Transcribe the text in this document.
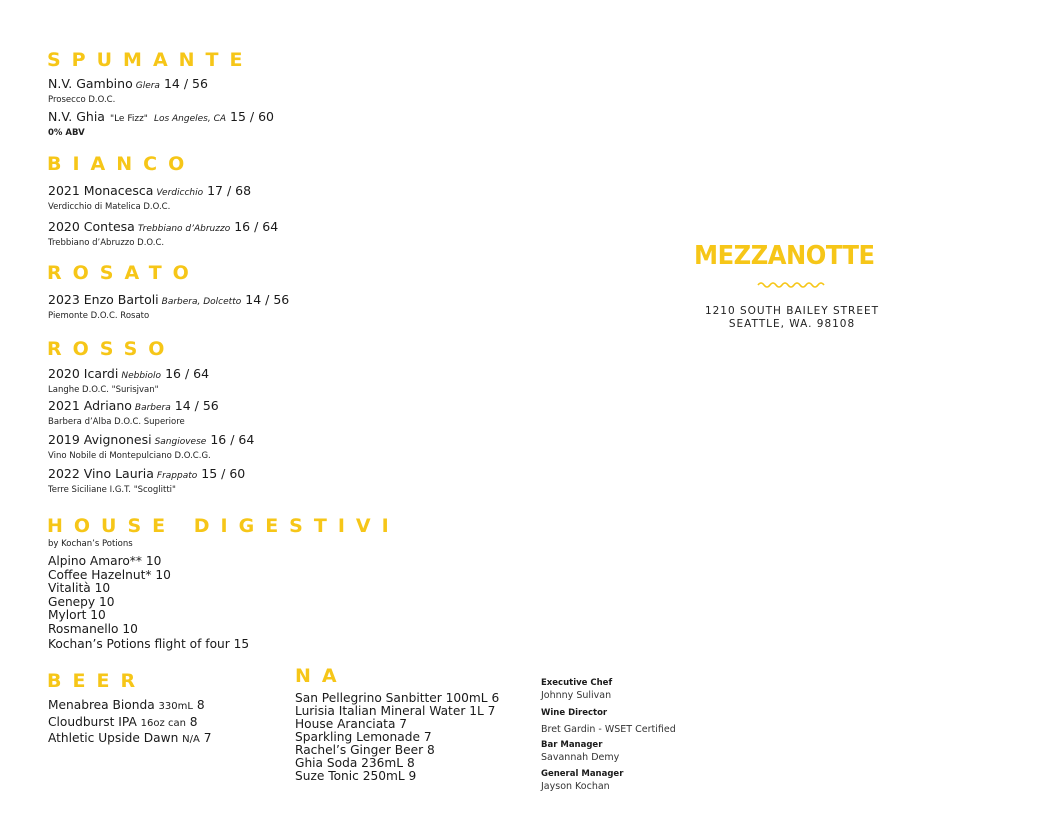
SPUMANTE
BIANCO
ROSATO
ROSSO
HOUSE DIGESTIVI
BEER	NA
N.V. Gambino Glera 14 / 56
Prosecco D.O.C.
N.V. Ghia "Le Fizz" Los Angeles, CA 15 / 60
0% ABV
2021 Monacesca Verdicchio 17 / 68
Verdicchio di Matelica D.O.C.
2020 Contesa Trebbiano d’Abruzzo 16 / 64
Trebbiano d’Abruzzo D.O.C.
2023 Enzo Bartoli Barbera, Dolcetto 14 / 56
Piemonte D.O.C. Rosato
2020 Icardi Nebbiolo 16 / 64
Langhe D.O.C. "Surisjvan"
2021 Adriano Barbera 14 / 56
Barbera d’Alba D.O.C. Superiore
2019 Avignonesi Sangiovese 16 / 64
Vino Nobile di Montepulciano D.O.C.G.
2022 Vino Lauria Frappato 15 / 60
Terre Siciliane I.G.T. "Scoglitti"
by Kochan’s Potions
Alpino Amaro** 10
Coffee Hazelnut* 10
Vitalità 10
Genepy 10
Mylort 10
Rosmanello 10
Kochan’s Potions flight of four 15
Menabrea Bionda 330mL 8
Cloudburst IPA 16oz can 8
Athletic Upside Dawn N/A 7
San Pellegrino Sanbitter 100mL 6
Lurisia Italian Mineral Water 1L 7
House Aranciata 7
Sparkling Lemonade 7
Rachel’s Ginger Beer 8
Ghia Soda 236mL 8
Suze Tonic 250mL 9
Executive Chef
Johnny Sulivan
Wine Director
Bret Gardin - WSET Certified
Bar Manager
Savannah Demy
General Manager
Jayson Kochan
MEZZANOTTE
1210 SOUTH BAILEY STREET
SEATTLE, WA. 98108
